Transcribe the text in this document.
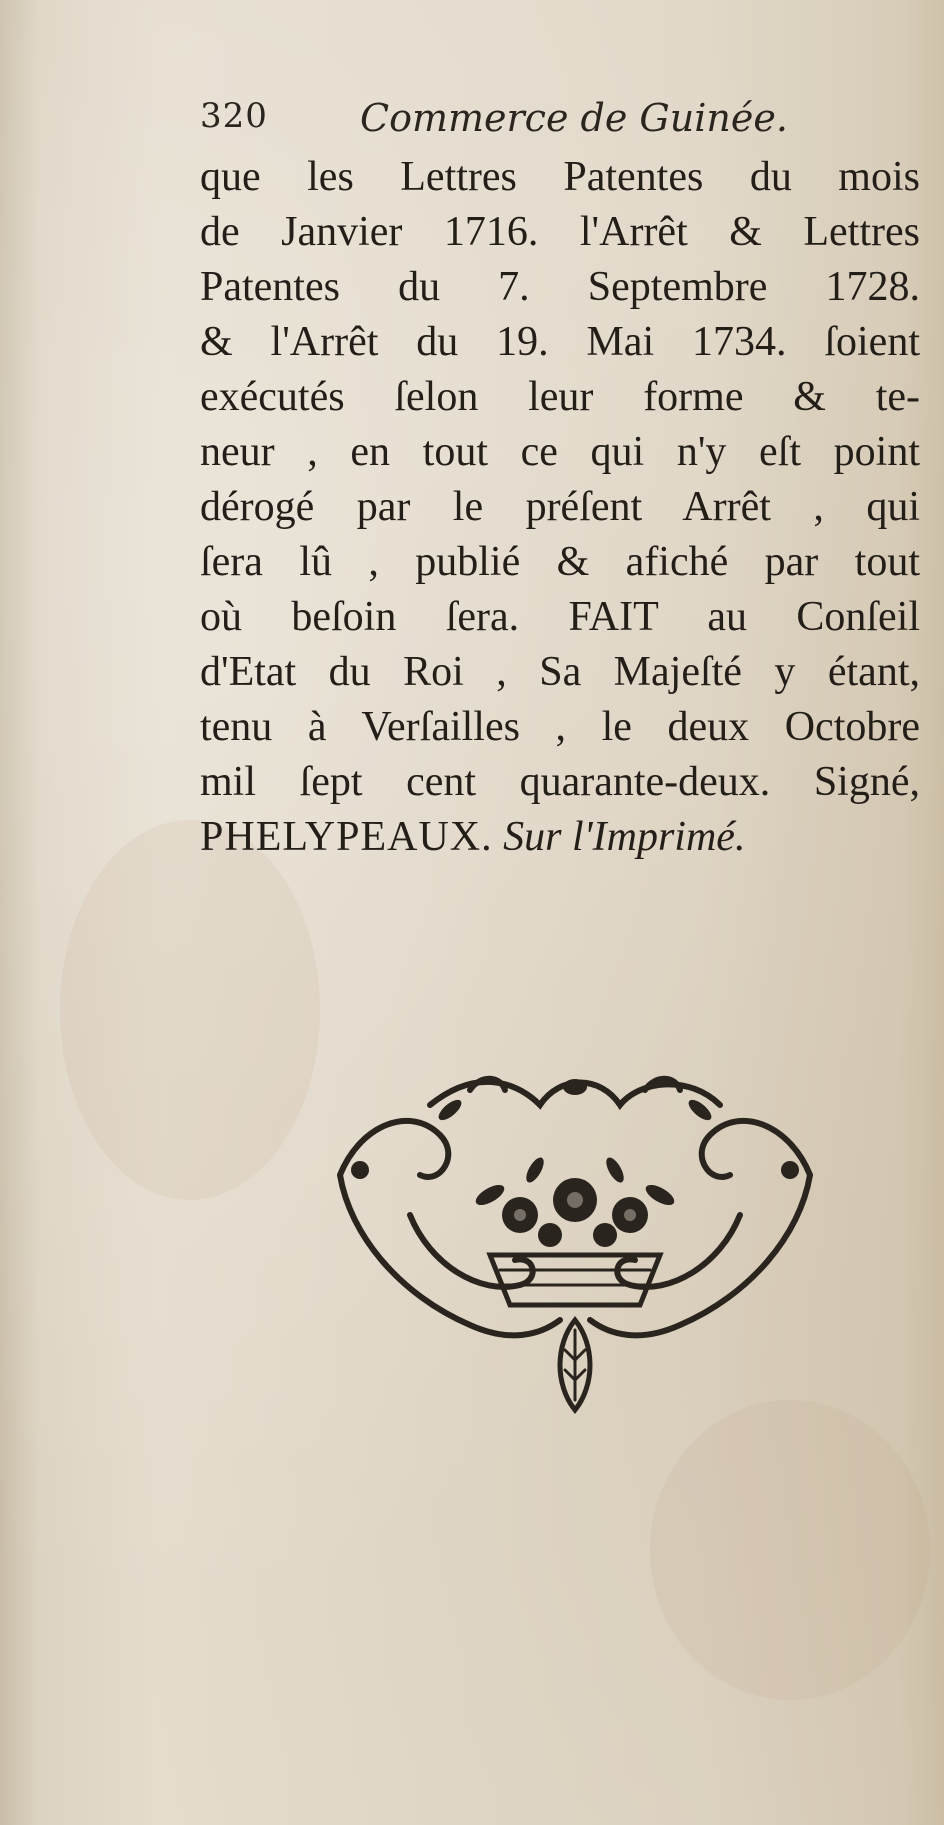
320 Commerce de Guinée.
que les Lettres Patentes du mois
de Janvier 1716. l'Arrêt & Lettres
Patentes du 7. Septembre 1728.
& l'Arrêt du 19. Mai 1734. ſoient
exécutés ſelon leur forme & te-
neur , en tout ce qui n'y eſt point
dérogé par le préſent Arrêt , qui
ſera lû , publié & afiché par tout
où beſoin ſera. FAIT au Conſeil
d'Etat du Roi , Sa Majeſté y étant,
tenu à Verſailles , le deux Octobre
mil ſept cent quarante-deux. Signé,
PHELYPEAUX. Sur l'Imprimé.
